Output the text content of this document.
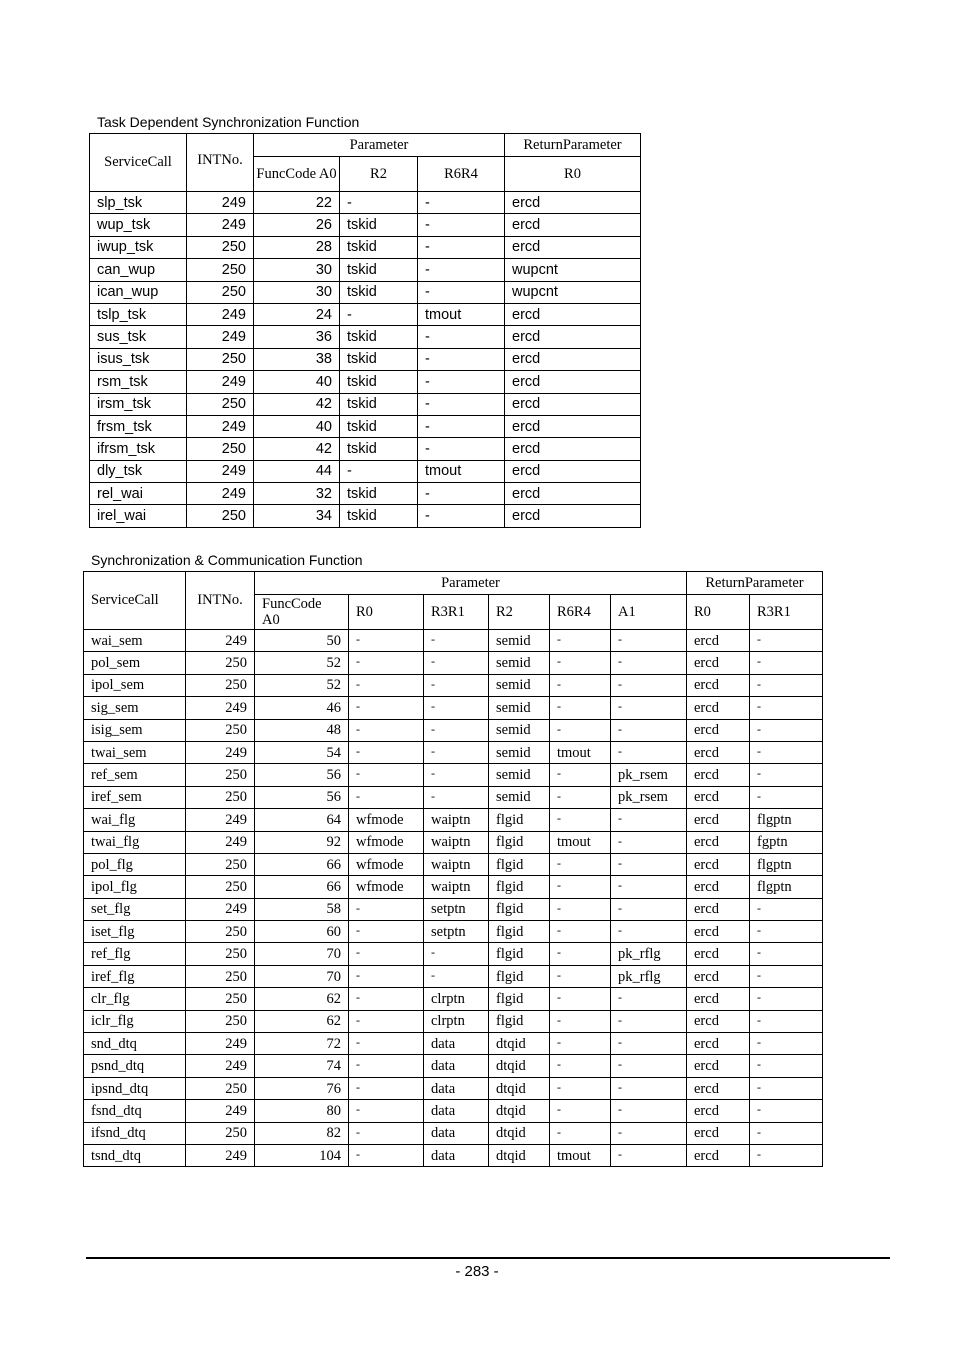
Task Dependent Synchronization Function
ServiceCall	INTNo.	Parameter			ReturnParameter
		FuncCode A0	R2	R6R4	R0
slp_tsk	249	22	-	-	ercd
wup_tsk	249	26	tskid	-	ercd
iwup_tsk	250	28	tskid	-	ercd
can_wup	250	30	tskid	-	wupcnt
ican_wup	250	30	tskid	-	wupcnt
tslp_tsk	249	24	-	tmout	ercd
sus_tsk	249	36	tskid	-	ercd
isus_tsk	250	38	tskid	-	ercd
rsm_tsk	249	40	tskid	-	ercd
irsm_tsk	250	42	tskid	-	ercd
frsm_tsk	249	40	tskid	-	ercd
ifrsm_tsk	250	42	tskid	-	ercd
dly_tsk	249	44	-	tmout	ercd
rel_wai	249	32	tskid	-	ercd
irel_wai	250	34	tskid	-	ercd
Synchronization & Communication Function
ServiceCall	INTNo.	Parameter						ReturnParameter	
		FuncCode A0	R0	R3R1	R2	R6R4	A1	R0	R3R1
wai_sem	249	50	-	-	semid	-	-	ercd	-
pol_sem	250	52	-	-	semid	-	-	ercd	-
ipol_sem	250	52	-	-	semid	-	-	ercd	-
sig_sem	249	46	-	-	semid	-	-	ercd	-
isig_sem	250	48	-	-	semid	-	-	ercd	-
twai_sem	249	54	-	-	semid	tmout	-	ercd	-
ref_sem	250	56	-	-	semid	-	pk_rsem	ercd	-
iref_sem	250	56	-	-	semid	-	pk_rsem	ercd	-
wai_flg	249	64	wfmode	waiptn	flgid	-	-	ercd	flgptn
twai_flg	249	92	wfmode	waiptn	flgid	tmout	-	ercd	fgptn
pol_flg	250	66	wfmode	waiptn	flgid	-	-	ercd	flgptn
ipol_flg	250	66	wfmode	waiptn	flgid	-	-	ercd	flgptn
set_flg	249	58	-	setptn	flgid	-	-	ercd	-
iset_flg	250	60	-	setptn	flgid	-	-	ercd	-
ref_flg	250	70	-	-	flgid	-	pk_rflg	ercd	-
iref_flg	250	70	-	-	flgid	-	pk_rflg	ercd	-
clr_flg	250	62	-	clrptn	flgid	-	-	ercd	-
iclr_flg	250	62	-	clrptn	flgid	-	-	ercd	-
snd_dtq	249	72	-	data	dtqid	-	-	ercd	-
psnd_dtq	249	74	-	data	dtqid	-	-	ercd	-
ipsnd_dtq	250	76	-	data	dtqid	-	-	ercd	-
fsnd_dtq	249	80	-	data	dtqid	-	-	ercd	-
ifsnd_dtq	250	82	-	data	dtqid	-	-	ercd	-
tsnd_dtq	249	104	-	data	dtqid	tmout	-	ercd	-
- 283 -
